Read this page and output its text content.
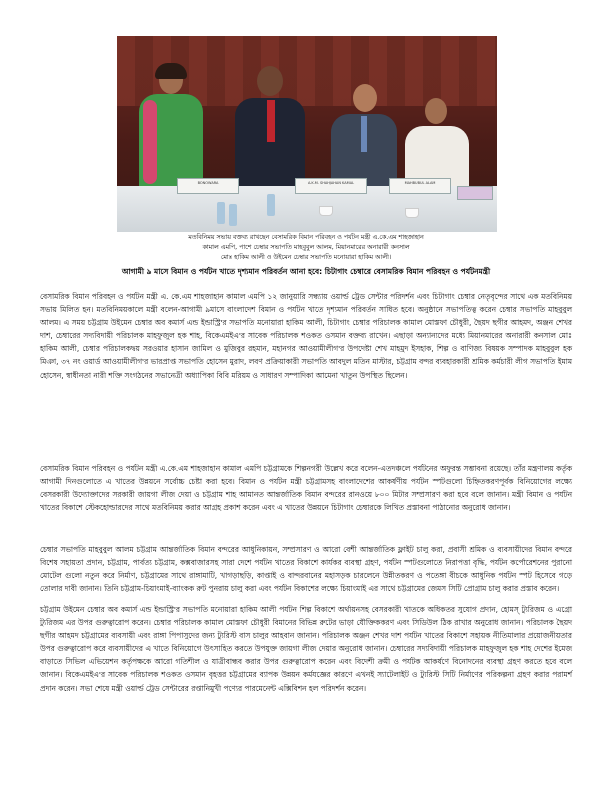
BONOWARA	A.K.M. SHAHJAHAN KAMAL	MAHBUBUL ALAM
মতবিনিময় সভায় বক্তব্য রাখছেন বেসামরিক বিমান পরিবহন ও পর্যটন মন্ত্রী এ.কে.এম শাহজাহান
কামাল এমপি, পাশে চেম্বার সভাপতি মাহবুবুল আলম, মিয়ানমারের অনারারী কনসাল
মোঃ হাকিম আলী ও উইমেন চেম্বার সভাপতি মনোয়ারা হাকিম আলী।
আগামী ৯ মাসে বিমান ও পর্যটন খাতে দৃশ্যমান পরিবর্তন আনা হবে: চিটাগাং চেম্বারে বেসামরিক বিমান পরিবহন ও পর্যটনমন্ত্রী
বেসামরিক বিমান পরিবহন ও পর্যটন মন্ত্রী এ. কে.এম শাহজাহান কামাল এমপি ১২ জানুয়ারি সন্ধ্যায় ওয়ার্ল্ড ট্রেড সেন্টার পরিদর্শন এবং চিটাগাং চেম্বার নেতৃবৃন্দের সাথে এক মতবিনিময় সভায় মিলিত হন। মতবিনিময়কালে মন্ত্রী বলেন-আগামী ৯মাসে বাংলাদেশ বিমান ও পর্যটন খাতে দৃশ্যমান পরিবর্তন সাধিত হবে। অনুষ্ঠানে সভাপতিত্ব করেন চেম্বার সভাপতি মাহবুবুল আলম। এ সময় চট্টগ্রাম উইমেন চেম্বার অব কমার্স এন্ড ইন্ডাস্ট্রি'র সভাপতি মনোয়ারা হাকিম আলী, চিটাগাং চেম্বার পরিচালক কামাল মোস্তফা চৌধুরী, ছৈয়দ ছগীর আহমদ, অঞ্জন শেখর দাশ, চেম্বারের সদ্যবিদায়ী পরিচালক মাহফুজুল হক শাহ, বিকেএমইএ'র সাবেক পরিচালক শওকত ওসমান বক্তব্য রাখেন। এছাড়া অন্যান্যদের মধ্যে মিয়ানমারের অনারারী কনসাল মোঃ হাকিম আলী, চেম্বার পরিচালকদ্বয় সরওয়ার হাসান জামিল ও মুজিবুর রহমান, মহানগর আওয়ামীলীগ'র উপদেষ্টা শেখ মাহমুদ ইসহাক, শিল্প ও বাণিজ্য বিষয়ক সম্পাদক মাহবুবুল হক মিঞা, ৩৭ নং ওয়ার্ড আওয়ামীলীগ'র ভারপ্রাপ্ত সভাপতি হোসেন মুরাদ, লবণ প্রক্রিয়াকারী সভাপতি আবদুল মতিন মাস্টার, চট্টগ্রাম বন্দর ব্যবহারকারী শ্রমিক কর্মচারী লীগ সভাপতি ইমাম হোসেন, স্বাধীনতা নারী শক্তি সংগঠনের সভানেত্রী অধ্যাপিকা বিবি মরিয়ম ও সাধারণ সম্পাদিকা আমেনা খাতুন উপস্থিত ছিলেন।
বেসামরিক বিমান পরিবহন ও পর্যটন মন্ত্রী এ.কে.এম শাহজাহান কামাল এমপি চট্টগ্রামকে শিল্পনগরী উল্লেখ করে বলেন-এতদঞ্চলে পর্যটনের অফুরন্ত সম্ভাবনা রয়েছে। তাঁর মন্ত্রণালয় কর্তৃক আগামী দিনগুলোতে এ খাতের উন্নয়নে সর্বোচ্চ চেষ্টা করা হবে। বিমান ও পর্যটন মন্ত্রী চট্টগ্রামসহ বাংলাদেশের আকর্ষণীয় পর্যটন স্পটগুলো চিহ্নিতকরণপূর্বক বিনিয়োগের লক্ষ্যে বেসরকারী উদ্যোক্তাদের সরকারী জায়গা লীজ দেয়া ও চট্টগ্রাম শাহ আমানত আন্তর্জাতিক বিমান বন্দরের রানওয়ে ৮০০ মিটার সম্প্রসারণ করা হবে বলে জানান। মন্ত্রী বিমান ও পর্যটন খাতের বিকাশে স্টেকহোল্ডারদের সাথে মতবিনিময় করার আগ্রহ প্রকাশ করেন এবং এ খাতের উন্নয়নে চিটাগাং চেম্বারকে লিখিত প্রস্তাবনা পাঠানোর অনুরোধ জানান।
চেম্বার সভাপতি মাহবুবুল আলম চট্টগ্রাম আন্তর্জাতিক বিমান বন্দরের আধুনিকায়ন, সম্প্রসারণ ও আরো বেশী আন্তর্জাতিক ফ্লাইট চালু করা, প্রবাসী শ্রমিক ও ব্যবসায়ীদের বিমান বন্দরে বিশেষ সহায়তা প্রদান, চট্টগ্রাম, পার্বত্য চট্টগ্রাম, কক্সবাজারসহ সারা দেশে পর্যটন খাতের বিকাশে কার্যকর ব্যবস্থা গ্রহণ, পর্যটন স্পটগুলোতে নিরাপত্তা বৃদ্ধি, পর্যটন কর্পোরেশনের পুরানো মোটেল গুলো নতুন করে নির্মাণ, চট্টগ্রামের সাথে রাঙ্গামাটি, খাগড়াছড়ি, কাপ্তাই ও বান্দরবানের মহাসড়ক চারলেনে উন্নীতকরণ ও পতেঙ্গা বীচকে আধুনিক পর্যটন স্পট হিসেবে গড়ে তোলার দাবী জানান। তিনি চট্টগ্রাম-চিয়াংমাই-ব্যাংকক রুট পুনরায় চালু করা এবং পর্যটন বিকাশের লক্ষ্যে চিয়াংমাই এর সাথে চট্টগ্রামের জেমস সিটি প্রোগ্রাম চালু করার প্রস্তাব করেন।
চট্টগ্রাম উইমেন চেম্বার অব কমার্স এন্ড ইন্ডাস্ট্রি'র সভাপতি মনোয়ারা হাকিম আলী পর্যটন শিল্প বিকাশে অর্থায়নসহ বেসরকারী খাতকে অধিকতর সুযোগ প্রদান, হোমস্ ট্যুরিজম ও এগ্রো ট্যুরিজম এর উপর গুরুত্বারোপ করেন। চেম্বার পরিচালক কামাল মোস্তফা চৌধুরী বিমানের বিভিন্ন রুটের ভাড়া যৌক্তিককরণ এবং সিডিউল ঠিক রাখার অনুরোধ জানান। পরিচালক ছৈয়দ ছগীর আহমদ চট্টগ্রামের ব্যবসায়ী এবং রাঙ্গা পিপাসুদের জন্য ট্যুরিস্ট বাস চালুর আহবান জানান। পরিচালক অঞ্জন শেখর দাশ পর্যটন খাতের বিকাশে সহায়ক নীতিমালার প্রয়োজনীয়তার উপর গুরুত্বারোপ করে ব্যবসায়ীদের এ খাতে বিনিয়োগে উৎসাহিত করতে উপযুক্ত জায়গা লীজ দেয়ার অনুরোধ জানান। চেম্বারের সদ্যবিদায়ী পরিচালক মাহফুজুল হক শাহ দেশের ইমেজ বাড়াতে সিভিল এভিয়েশন কর্তৃপক্ষকে আরো গতিশীল ও যাত্রীবান্ধব করার উপর গুরুত্বারোপ করেন এবং বিদেশী ক্রমী ও পর্যটক আকর্ষণে বিনোদনের ব্যবস্থা গ্রহণ করতে হবে বলে জানান। বিকেএমইএ'র সাবেক পরিচালক শওকত ওসমান বৃহত্তর চট্টগ্রামের ব্যাপক উন্নয়ন কর্মযজ্ঞের কারণে এখনই স্যাটেলাইট ও ট্যুরিস্ট সিটি নির্মাণের পরিকল্পনা গ্রহণ করার পরামর্শ প্রদান করেন। সভা শেষে মন্ত্রী ওয়ার্ল্ড ট্রেড সেন্টারের রপ্তানিমুখী পণ্যের পারমেনেন্ট এক্সিবিশন হল পরিদর্শন করেন।
